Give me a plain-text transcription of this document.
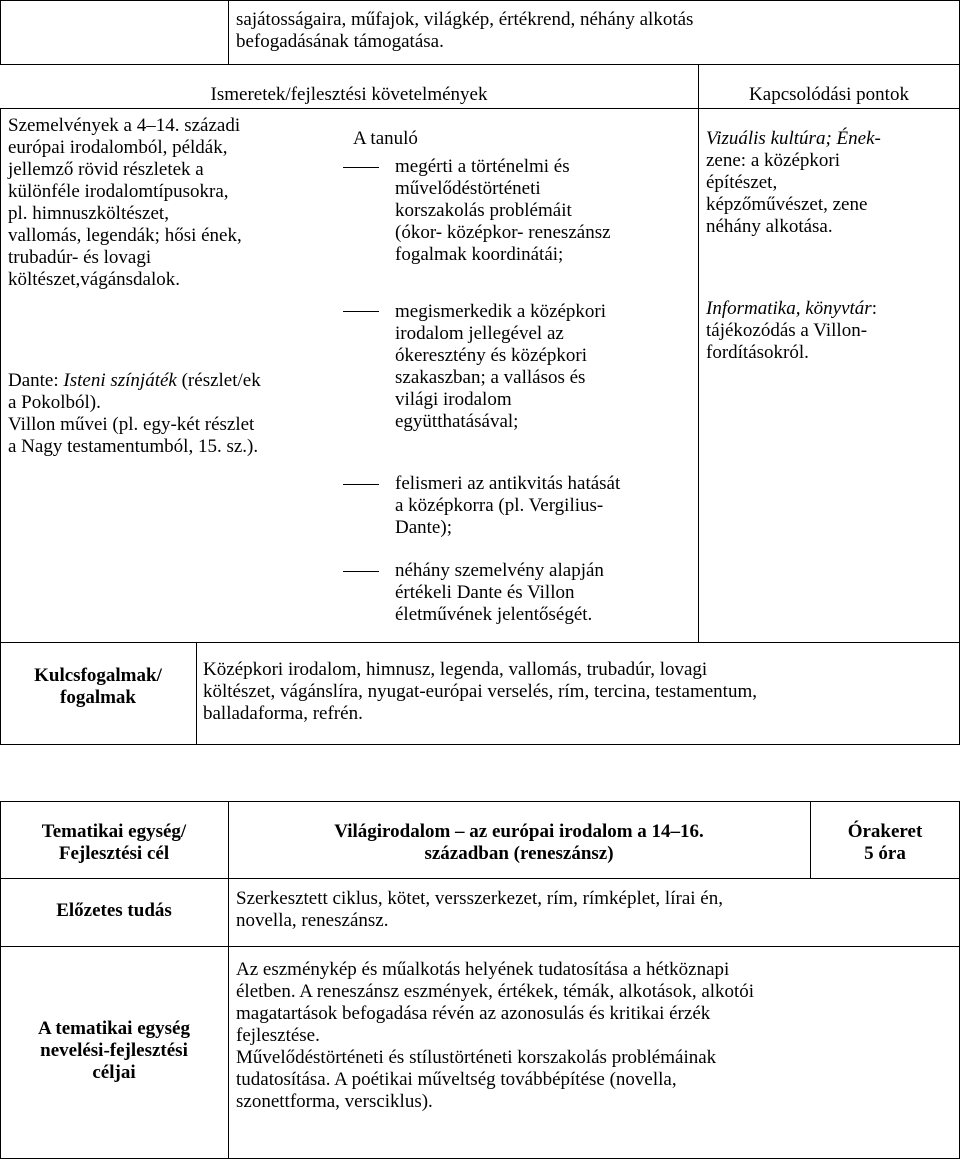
sajátosságaira, műfajok, világkép, értékrend, néhány alkotás
befogadásának támogatása.
Ismeretek/fejlesztési követelmények	Kapcsolódási pontok
Szemelvények a 4–14. századi
európai irodalomból, példák,
jellemző rövid részletek a
különféle irodalomtípusokra,
pl. himnuszköltészet,
vallomás, legendák; hősi ének,
trubadúr- és lovagi
költészet,vágánsdalok.
Dante: Isteni színjáték (részlet/ek
a Pokolból).
Villon művei (pl. egy-két részlet
a Nagy testamentumból, 15. sz.).
A tanuló
megérti a történelmi és
művelődéstörténeti
korszakolás problémáit
(ókor- középkor- reneszánsz
fogalmak koordinátái;
megismerkedik a középkori
irodalom jellegével az
ókeresztény és középkori
szakaszban; a vallásos és
világi irodalom
együtthatásával;
felismeri az antikvitás hatását
a középkorra (pl. Vergilius-
Dante);
néhány szemelvény alapján
értékeli Dante és Villon
életművének jelentőségét.
Vizuális kultúra; Ének-
zene: a középkori
építészet,
képzőművészet, zene
néhány alkotása.
Informatika, könyvtár:
tájékozódás a Villon-
fordításokról.
Kulcsfogalmak/
fogalmak
Középkori irodalom, himnusz, legenda, vallomás, trubadúr, lovagi
költészet, vágánslíra, nyugat-európai verselés, rím, tercina, testamentum,
balladaforma, refrén.
Tematikai egység/
Fejlesztési cél
Világirodalom – az európai irodalom a 14–16.
században (reneszánsz)
Órakeret
5 óra
Előzetes tudás
Szerkesztett ciklus, kötet, versszerkezet, rím, rímképlet, lírai én,
novella, reneszánsz.
A tematikai egység
nevelési-fejlesztési
céljai
Az eszménykép és műalkotás helyének tudatosítása a hétköznapi
életben. A reneszánsz eszmények, értékek, témák, alkotások, alkotói
magatartások befogadása révén az azonosulás és kritikai érzék
fejlesztése.
Művelődéstörténeti és stílustörténeti korszakolás problémáinak
tudatosítása. A poétikai műveltség továbbépítése (novella,
szonettforma, versciklus).
